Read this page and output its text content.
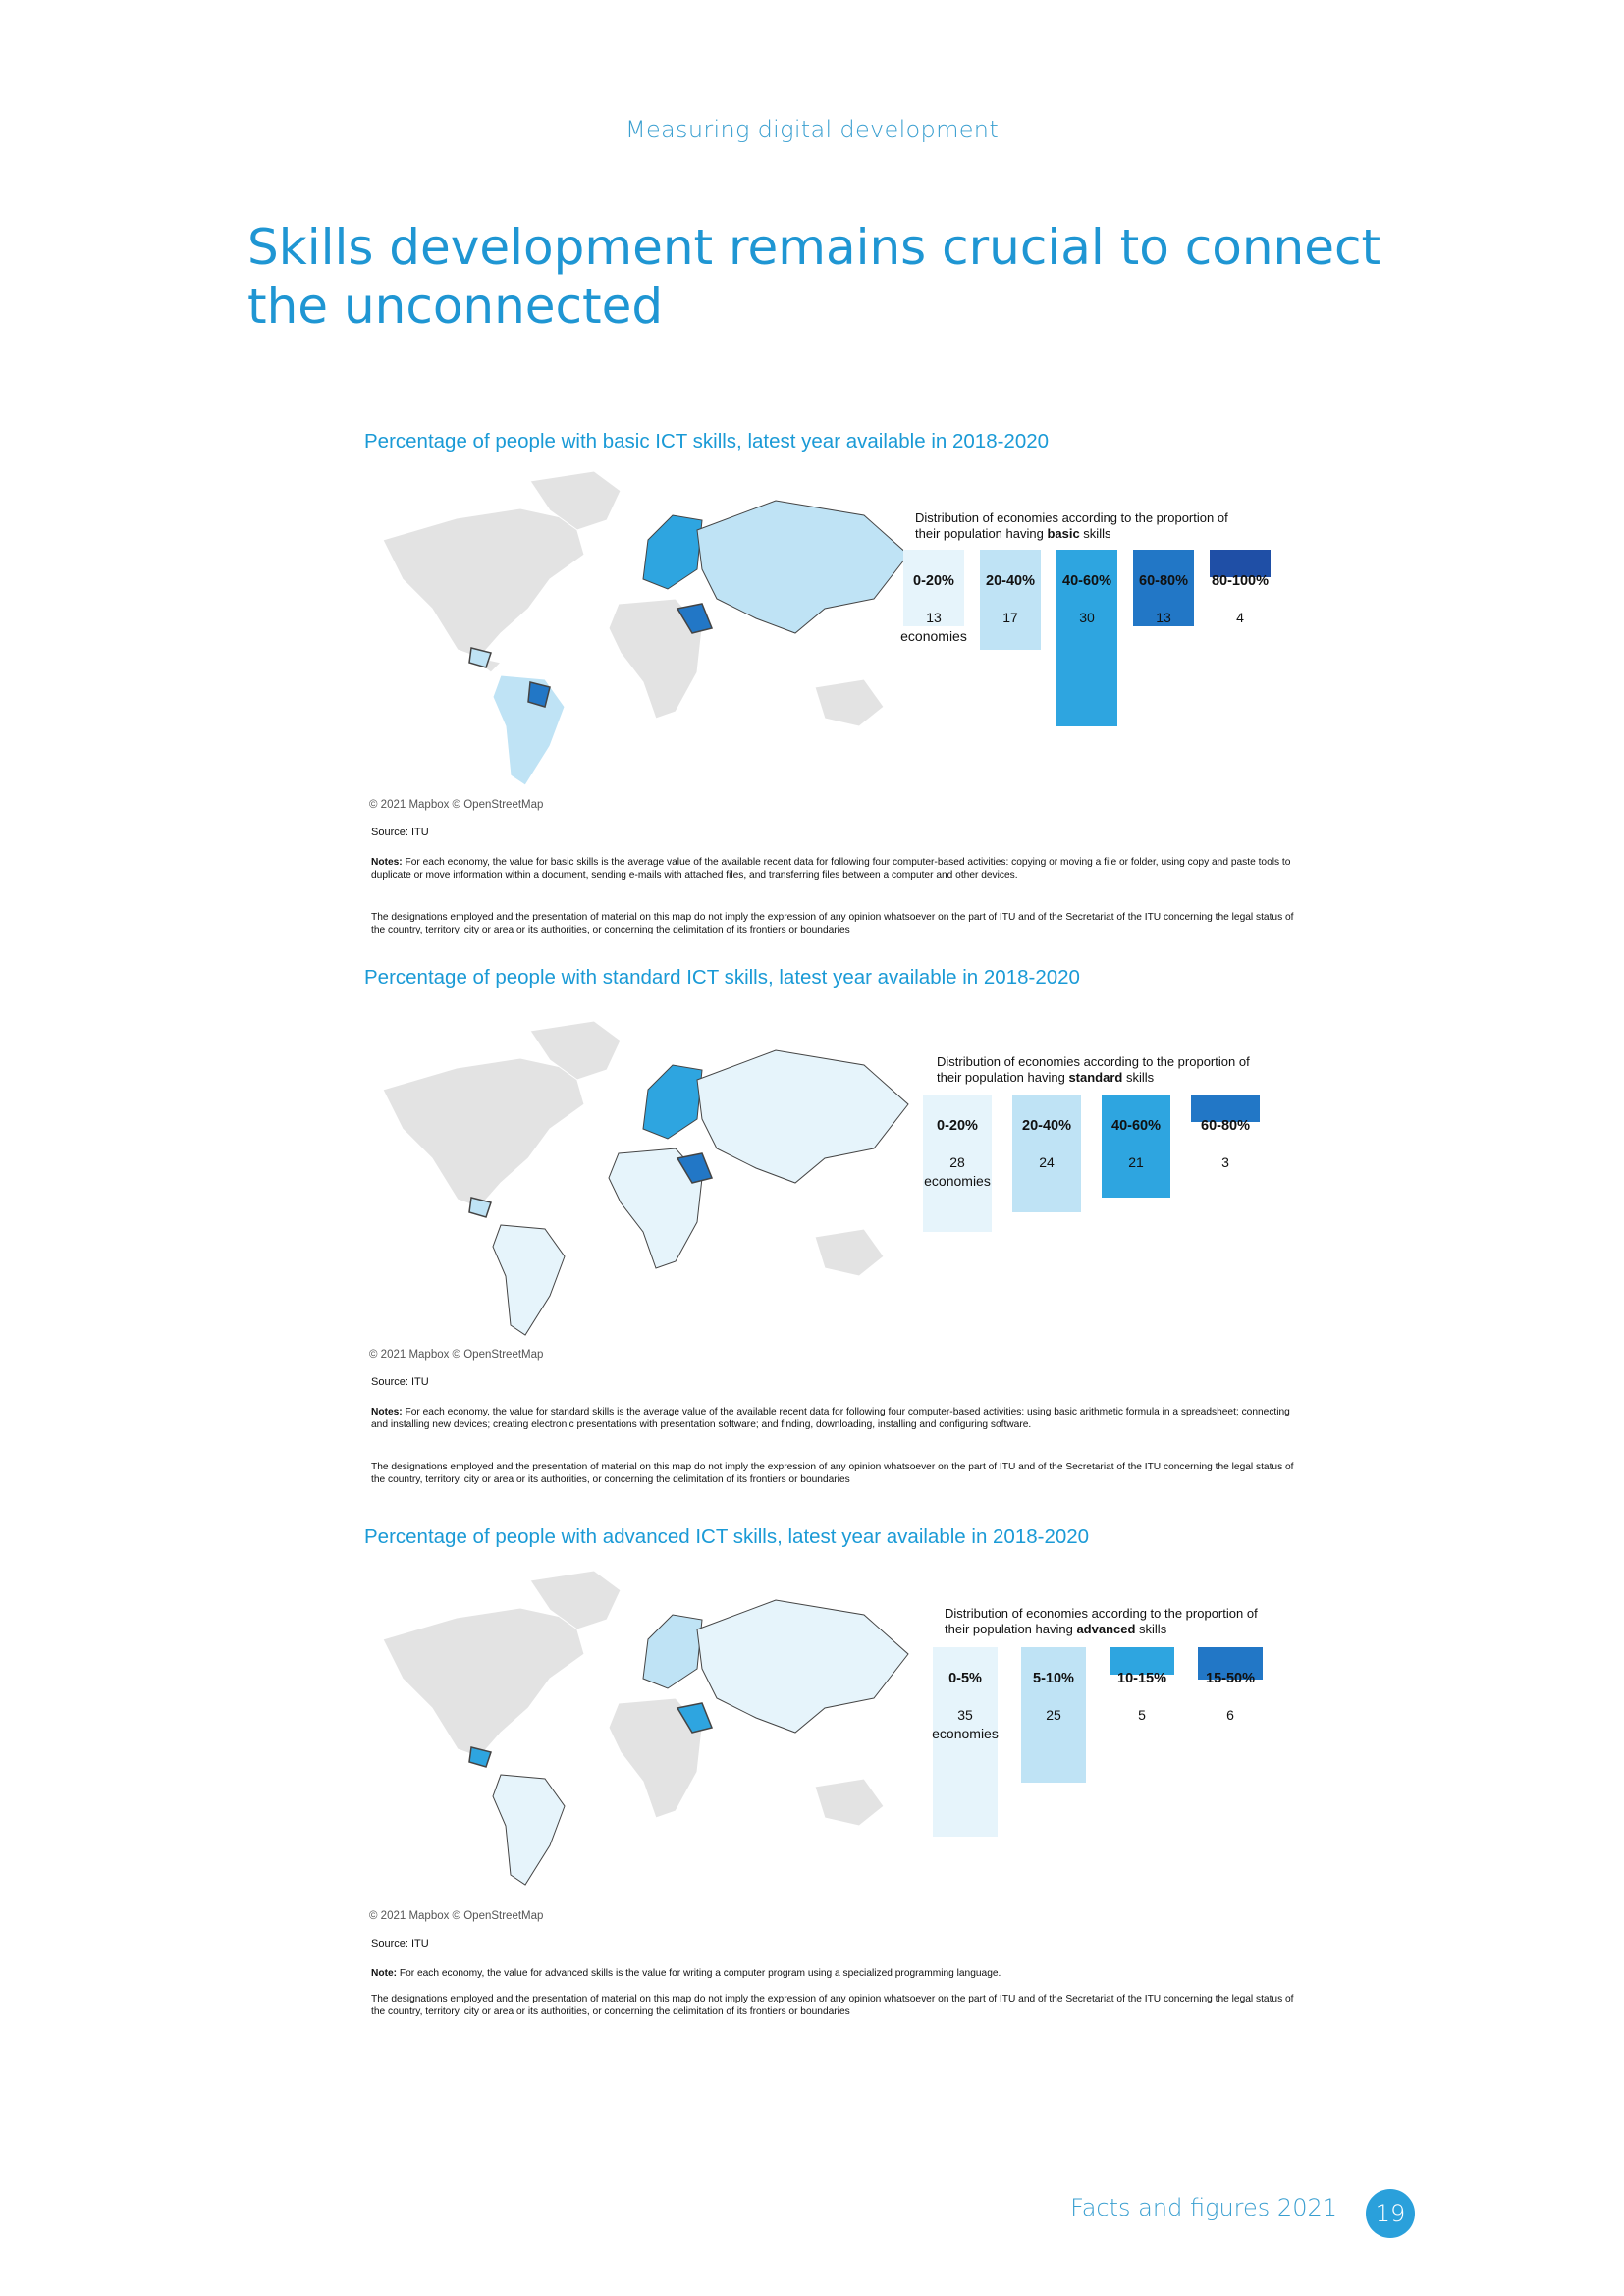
Measuring digital development
Skills development remains crucial to connect the unconnected
Percentage of people with basic ICT skills, latest year available in 2018-2020
© 2021 Mapbox © OpenStreetMap
Source: ITU
Notes: For each economy, the value for basic skills is the average value of the available recent data for following four computer-based activities: copying or moving a file or folder, using copy and paste tools to duplicate or move information within a document, sending e-mails with attached files, and transferring files between a computer and other devices.
The designations employed and the presentation of material on this map do not imply the expression of any opinion whatsoever on the part of ITU and of the Secretariat of the ITU concerning the legal status of the country, territory, city or area or its authorities, or concerning the delimitation of its frontiers or boundaries
Distribution of economies according to the proportion of their population having basic skills
0-20%
13
economies
20-40%
17
40-60%
30
60-80%
13
80-100%
4
Percentage of people with standard ICT skills, latest year available in 2018-2020
© 2021 Mapbox © OpenStreetMap
Source: ITU
Notes: For each economy, the value for standard skills is the average value of the available recent data for following four computer-based activities: using basic arithmetic formula in a spreadsheet; connecting and installing new devices; creating electronic presentations with presentation software; and finding, downloading, installing and configuring software.
The designations employed and the presentation of material on this map do not imply the expression of any opinion whatsoever on the part of ITU and of the Secretariat of the ITU concerning the legal status of the country, territory, city or area or its authorities, or concerning the delimitation of its frontiers or boundaries
Distribution of economies according to the proportion of their population having standard skills
0-20%
28
economies
20-40%
24
40-60%
21
60-80%
3
Percentage of people with advanced ICT skills, latest year available in 2018-2020
© 2021 Mapbox © OpenStreetMap
Source: ITU
Note: For each economy, the value for advanced skills is the value for writing a computer program using a specialized programming language.
The designations employed and the presentation of material on this map do not imply the expression of any opinion whatsoever on the part of ITU and of the Secretariat of the ITU concerning the legal status of the country, territory, city or area or its authorities, or concerning the delimitation of its frontiers or boundaries
Distribution of economies according to the proportion of their population having advanced skills
0-5%
35
economies
5-10%
25
10-15%
5
15-50%
6
Facts and figures 2021	19
